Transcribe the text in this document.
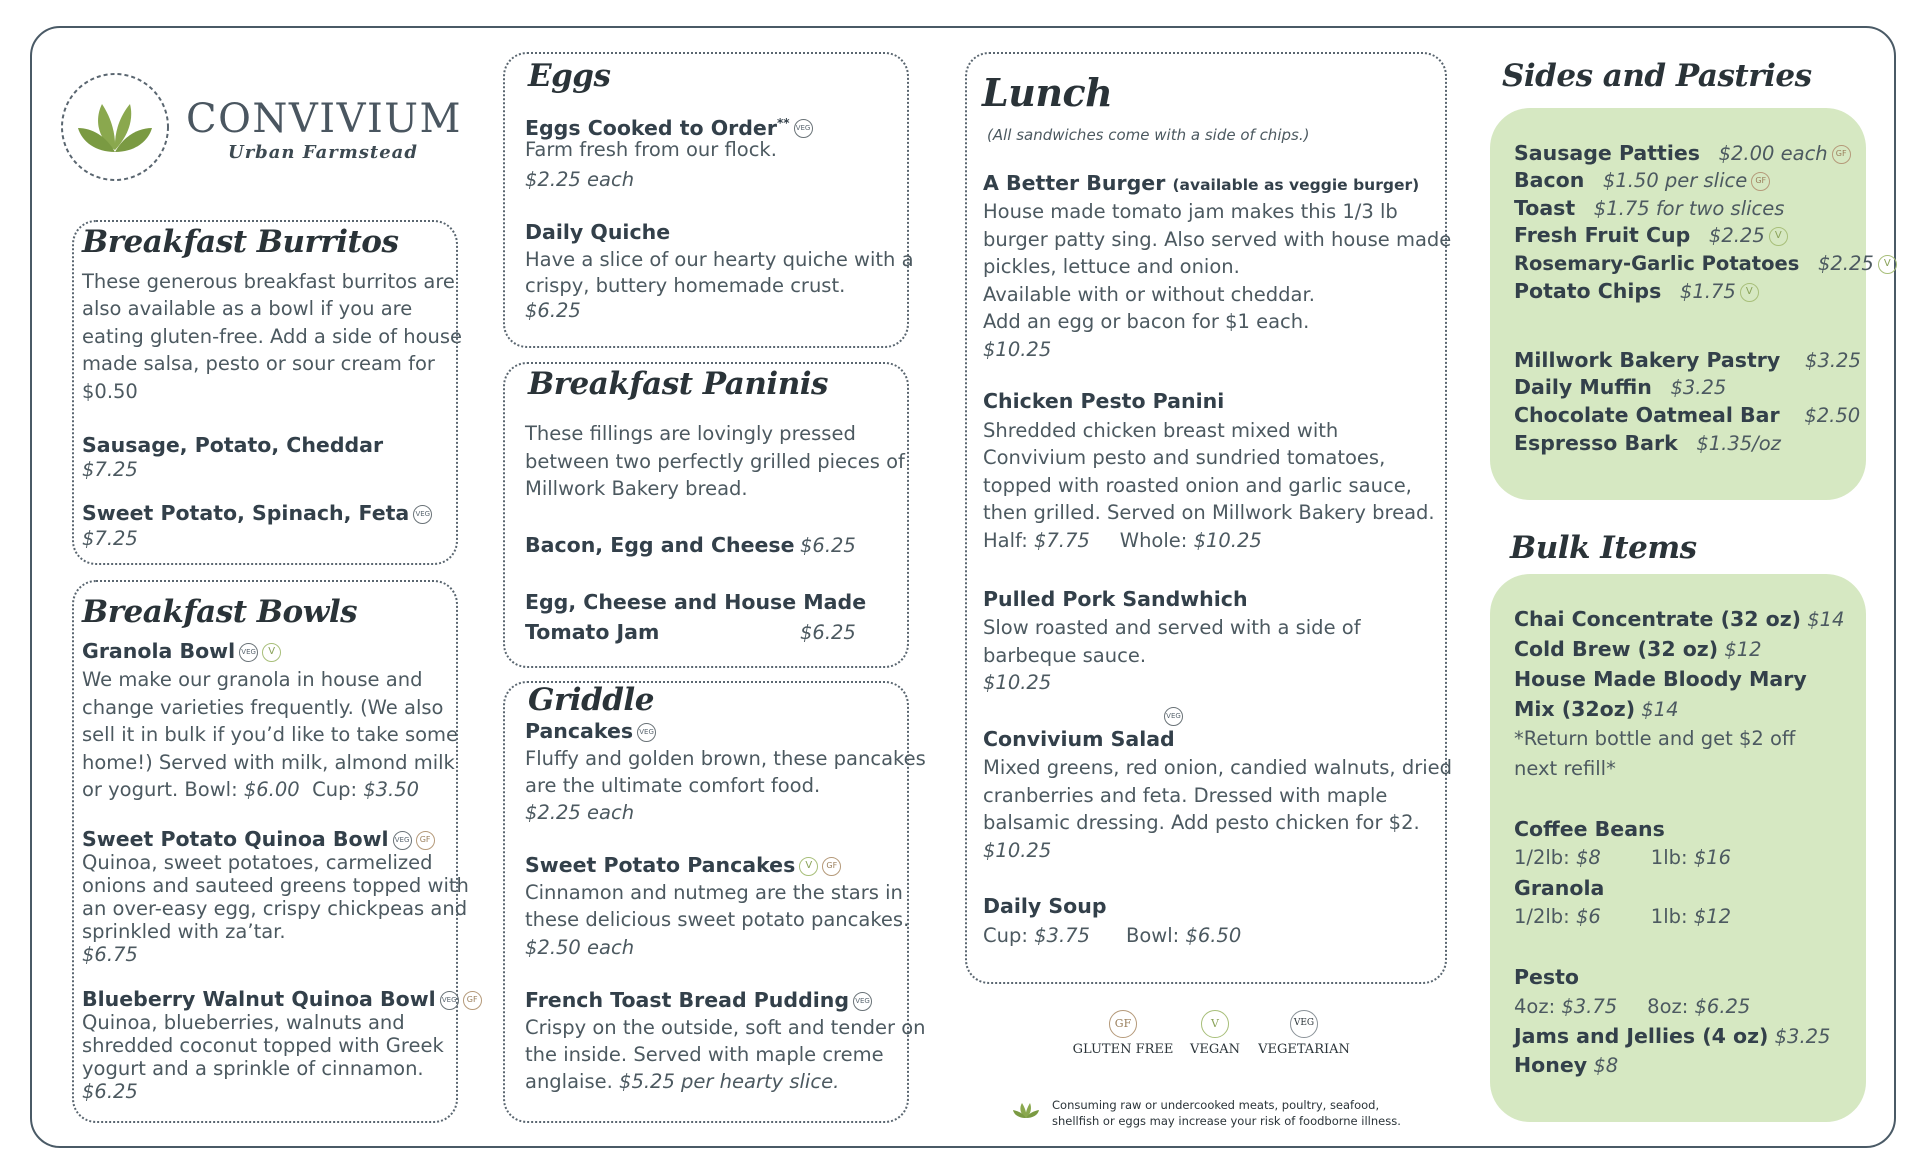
CONVIVIUM
Urban Farmstead
Breakfast Burritos
These generous breakfast burritos are
also available as a bowl if you are
eating gluten-free. Add a side of house
made salsa, pesto or sour cream for
$0.50
Sausage, Potato, Cheddar
$7.25
Sweet Potato, Spinach, Feta VEG
$7.25
Breakfast Bowls
Granola Bowl VEG V
We make our granola in house and
change varieties frequently. (We also
sell it in bulk if you’d like to take some
home!) Served with milk, almond milk
or yogurt. Bowl: $6.00 Cup: $3.50
Sweet Potato Quinoa Bowl VEG GF
Quinoa, sweet potatoes, carmelized
onions and sauteed greens topped with
an over-easy egg, crispy chickpeas and
sprinkled with za’tar.
$6.75
Blueberry Walnut Quinoa Bowl VEG GF
Quinoa, blueberries, walnuts and
shredded coconut topped with Greek
yogurt and a sprinkle of cinnamon.
$6.25
Eggs
Eggs Cooked to Order** VEG
Farm fresh from our flock.
$2.25 each
Daily Quiche
Have a slice of our hearty quiche with a
crispy, buttery homemade crust.
$6.25
Breakfast Paninis
These fillings are lovingly pressed
between two perfectly grilled pieces of
Millwork Bakery bread.
Bacon, Egg and Cheese $6.25
Egg, Cheese and House Made
Tomato Jam	$6.25
Griddle
Pancakes VEG
Fluffy and golden brown, these pancakes
are the ultimate comfort food.
$2.25 each
Sweet Potato Pancakes V GF
Cinnamon and nutmeg are the stars in
these delicious sweet potato pancakes.
$2.50 each
French Toast Bread Pudding VEG
Crispy on the outside, soft and tender on
the inside. Served with maple creme
anglaise. $5.25 per hearty slice.
Lunch
(All sandwiches come with a side of chips.)
A Better Burger (available as veggie burger)
House made tomato jam makes this 1/3 lb
burger patty sing. Also served with house made
pickles, lettuce and onion.
Available with or without cheddar.
Add an egg or bacon for $1 each.
$10.25
Chicken Pesto Panini
Shredded chicken breast mixed with
Convivium pesto and sundried tomatoes,
topped with roasted onion and garlic sauce,
then grilled. Served on Millwork Bakery bread.
Half: $7.75 Whole: $10.25
Pulled Pork Sandwhich
Slow roasted and served with a side of
barbeque sauce.
$10.25
VEG
Convivium Salad
Mixed greens, red onion, candied walnuts, dried
cranberries and feta. Dressed with maple
balsamic dressing. Add pesto chicken for $2.
$10.25
Daily Soup
Cup: $3.75 Bowl: $6.50
GF
GLUTEN FREE
V
VEGAN
VEG
VEGETARIAN
Consuming raw or undercooked meats, poultry, seafood,
shellfish or eggs may increase your risk of foodborne illness.
Sides and Pastries
Sausage Patties $2.00 each GF
Bacon $1.50 per slice GF
Toast $1.75 for two slices
Fresh Fruit Cup $2.25 V
Rosemary-Garlic Potatoes $2.25 V
Potato Chips $1.75 V
Millwork Bakery Pastry $3.25
Daily Muffin $3.25
Chocolate Oatmeal Bar $2.50
Espresso Bark $1.35/oz
Bulk Items
Chai Concentrate (32 oz) $14
Cold Brew (32 oz) $12
House Made Bloody Mary
Mix (32oz) $14
*Return bottle and get $2 off
next refill*
Coffee Beans
1/2lb: $8	1lb: $16
Granola
1/2lb: $6	1lb: $12
Pesto
4oz: $3.75 8oz: $6.25
Jams and Jellies (4 oz) $3.25
Honey $8
